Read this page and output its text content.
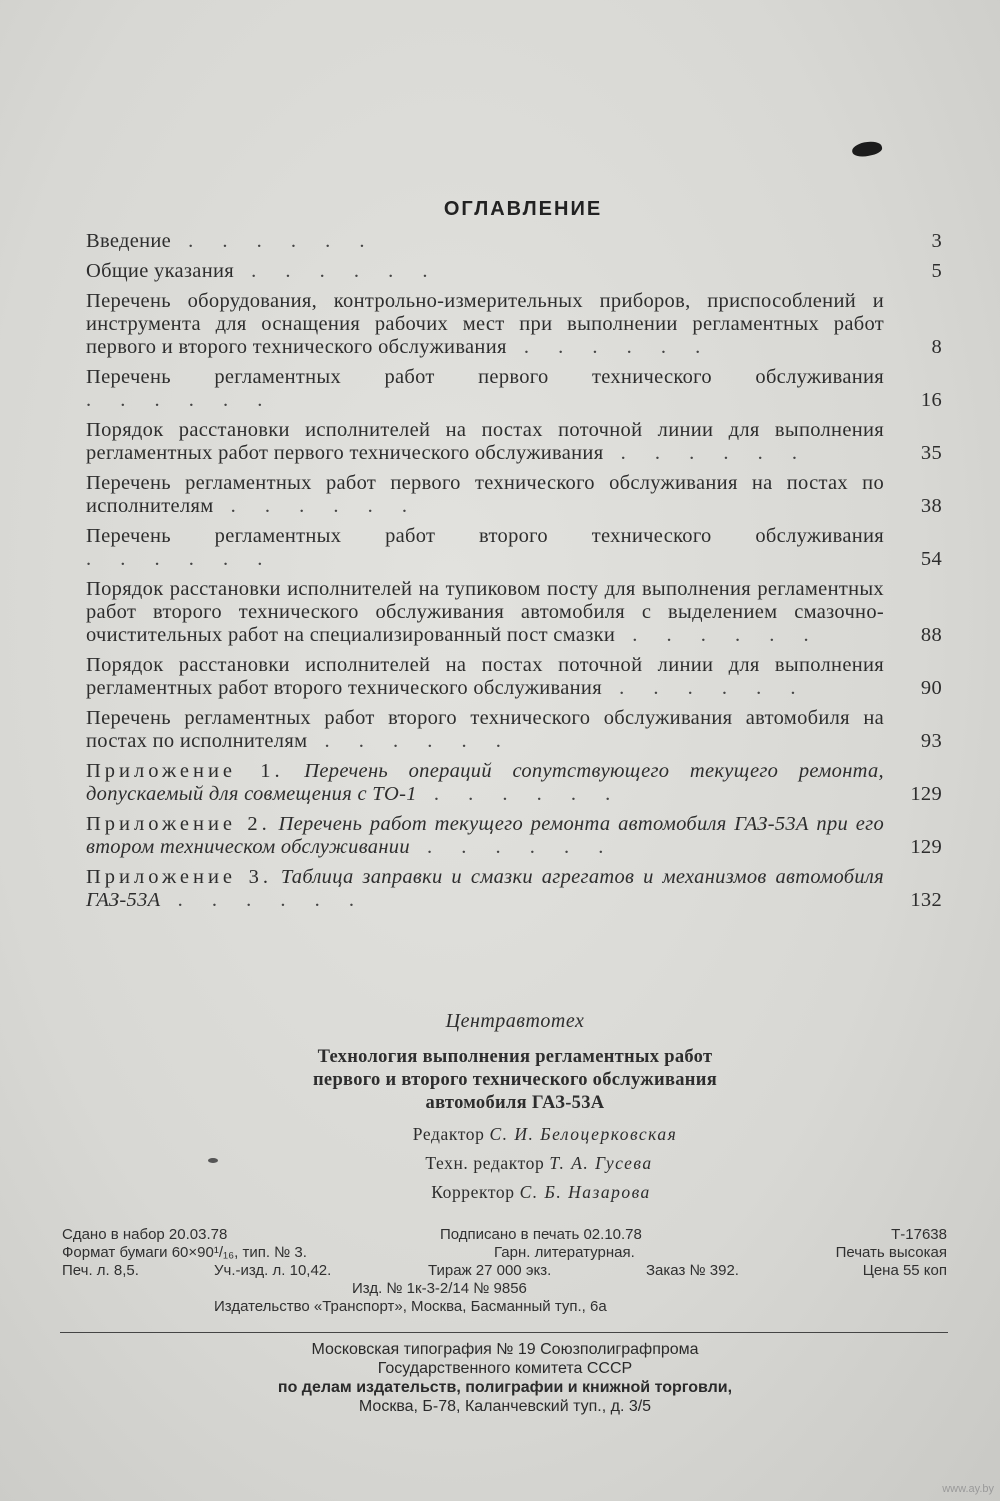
ОГЛАВЛЕНИЕ
Введение . . . . . .	3
Общие указания . . . . . .	5
Перечень оборудования, контрольно-измерительных приборов, приспособлений и инструмента для оснащения рабочих мест при выполнении регламентных работ первого и второго технического обслуживания . . . . . .	8
Перечень регламентных работ первого технического обслуживания . . . . . .	16
Порядок расстановки исполнителей на постах поточной линии для выполнения регламентных работ первого технического обслуживания . . . . . .	35
Перечень регламентных работ первого технического обслуживания на постах по исполнителям . . . . . .	38
Перечень регламентных работ второго технического обслуживания . . . . . .	54
Порядок расстановки исполнителей на тупиковом посту для выполнения регламентных работ второго технического обслуживания автомобиля с выделением смазочно-очистительных работ на специализированный пост смазки . . . . . .	88
Порядок расстановки исполнителей на постах поточной линии для выполнения регламентных работ второго технического обслуживания . . . . . .	90
Перечень регламентных работ второго технического обслуживания автомобиля на постах по исполнителям . . . . . .	93
Приложение 1. Перечень операций сопутствующего текущего ремонта, допускаемый для совмещения с ТО-1 . . . . . .	129
Приложение 2. Перечень работ текущего ремонта автомобиля ГАЗ-53А при его втором техническом обслуживании . . . . . .	129
Приложение 3. Таблица заправки и смазки агрегатов и механизмов автомобиля ГАЗ-53А . . . . . .	132
Центравтотех
Технология выполнения регламентных работ
первого и второго технического обслуживания
автомобиля ГАЗ-53А
Редактор С. И. Белоцерковская
Техн. редактор Т. А. Гусева
Корректор С. Б. Назарова
Сдано в набор 20.03.78	Подписано в печать 02.10.78	Т-17638
Формат бумаги 60×90¹/₁₆, тип. № 3.	Гарн. литературная.	Печать высокая
Печ. л. 8,5.	Уч.-изд. л. 10,42.	Тираж 27 000 экз.	Заказ № 392.	Цена 55 коп
Изд. № 1к-3-2/14 № 9856
Издательство «Транспорт», Москва, Басманный туп., 6а
Московская типография № 19 Союзполиграфпрома
Государственного комитета СССР
по делам издательств, полиграфии и книжной торговли,
Москва, Б-78, Каланчевский туп., д. 3/5
www.ay.by
